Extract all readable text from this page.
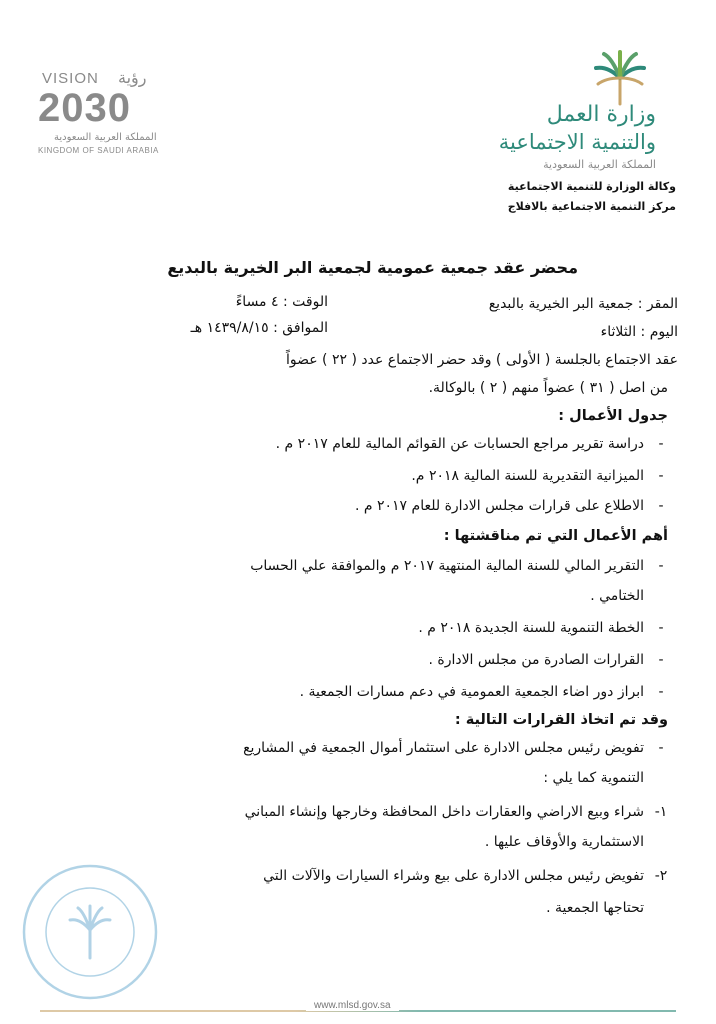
VISION رؤية
2030
المملكة العربية السعودية
KINGDOM OF SAUDI ARABIA
وزارة العمل
والتنمية الاجتماعية
المملكة العربية السعودية
وكالة الوزارة للتنمية الاجتماعية
مركز التنمية الاجتماعية بالافلاج
محضر عقد جمعية عمومية لجمعية البر الخيرية بالبديع
المقر : جمعية البر الخيرية بالبديع
الوقت : ٤ مساءً
اليوم : الثلاثاء
الموافق : ١٤٣٩/٨/١٥ هـ
عقد الاجتماع بالجلسة ( الأولى ) وقد حضر الاجتماع عدد ( ٢٢ ) عضواً
من اصل ( ٣١ ) عضواً منهم ( ٢ ) بالوكالة.
جدول الأعمال :
-دراسة تقرير مراجع الحسابات عن القوائم المالية للعام ٢٠١٧ م .
-الميزانية التقديرية للسنة المالية ٢٠١٨ م.
-الاطلاع على قرارات مجلس الادارة للعام ٢٠١٧ م .
أهم الأعمال التي تم مناقشتها :
-التقرير المالي للسنة المالية المنتهية ٢٠١٧ م والموافقة علي الحساب
الختامي .
-الخطة التنموية للسنة الجديدة ٢٠١٨ م .
-القرارات الصادرة من مجلس الادارة .
-ابراز دور اضاء الجمعية العمومية في دعم مسارات الجمعية .
وقد تم اتخاذ القرارات التالية :
-تفويض رئيس مجلس الادارة على استثمار أموال الجمعية في المشاريع
التنموية كما يلي :
١-شراء وبيع الاراضي والعقارات داخل المحافظة وخارجها وإنشاء المباني
الاستثمارية والأوقاف عليها .
٢-تفويض رئيس مجلس الادارة على بيع وشراء السيارات والآلات التي
تحتاجها الجمعية .
www.mlsd.gov.sa
